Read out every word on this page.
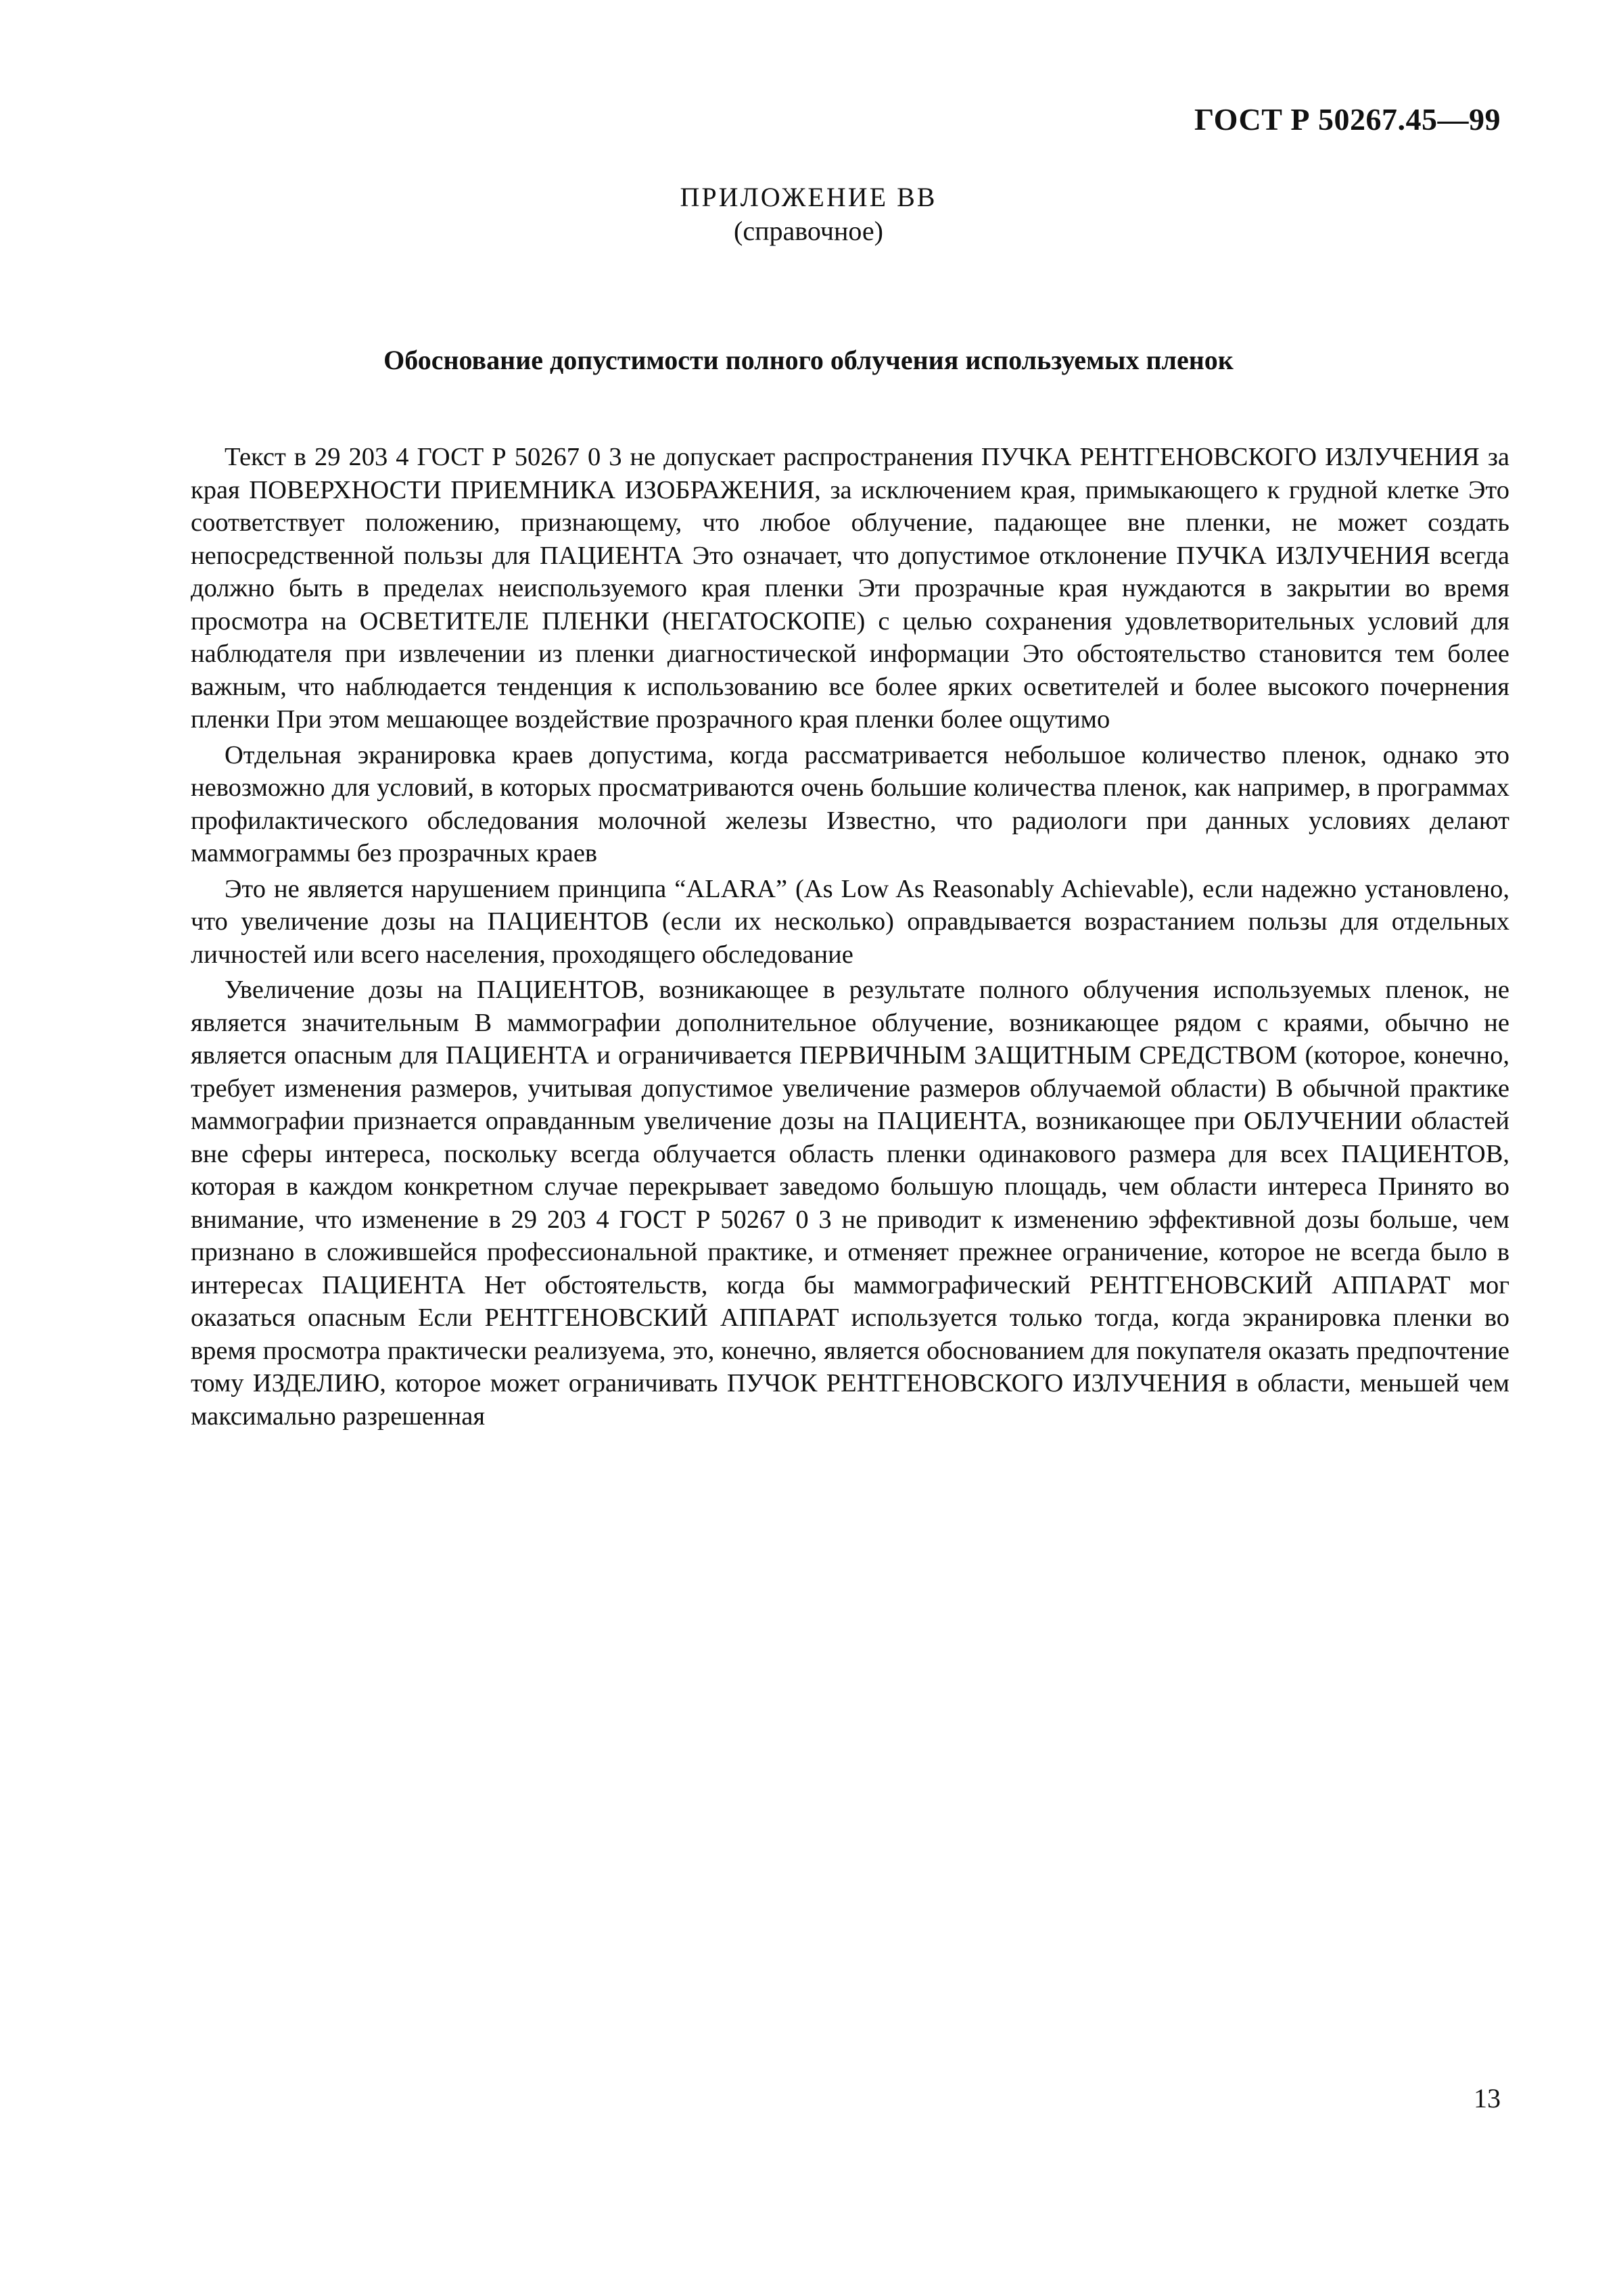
ГОСТ Р 50267.45—99
ПРИЛОЖЕНИЕ ВВ
(справочное)
Обоснование допустимости полного облучения используемых пленок

Текст в 29 203 4 ГОСТ Р 50267 0 3 не допускает распространения ПУЧКА РЕНТГЕНОВСКОГО ИЗЛУЧЕНИЯ за края ПОВЕРХНОСТИ ПРИЕМНИКА ИЗОБРАЖЕНИЯ, за исключением края, примыкающего к грудной клетке Это соответствует положению, признающему, что любое облучение, падающее вне пленки, не может создать непосредственной пользы для ПАЦИЕНТА Это означает, что допустимое отклонение ПУЧКА ИЗЛУЧЕНИЯ всегда должно быть в пределах неиспользуемого края пленки Эти прозрачные края нуждаются в закрытии во время просмотра на ОСВЕТИТЕЛЕ ПЛЕНКИ (НЕГАТОСКОПЕ) с целью сохранения удовлетворительных условий для наблюдателя при извлечении из пленки диагностической информации Это обстоятельство становится тем более важным, что наблюдается тенденция к использованию все более ярких осветителей и более высокого почернения пленки При этом мешающее воздействие прозрачного края пленки более ощутимо

Отдельная экранировка краев допустима, когда рассматривается небольшое количество пленок, однако это невозможно для условий, в которых просматриваются очень большие количества пленок, как например, в программах профилактического обследования молочной железы Известно, что радиологи при данных условиях делают маммограммы без прозрачных краев

Это не является нарушением принципа “ALARA” (As Low As Reasonably Achievable), если надежно установлено, что увеличение дозы на ПАЦИЕНТОВ (если их несколько) оправдывается возрастанием пользы для отдельных личностей или всего населения, проходящего обследование

Увеличение дозы на ПАЦИЕНТОВ, возникающее в результате полного облучения используемых пленок, не является значительным В маммографии дополнительное облучение, возникающее рядом с краями, обычно не является опасным для ПАЦИЕНТА и ограничивается ПЕРВИЧНЫМ ЗАЩИТНЫМ СРЕДСТВОМ (которое, конечно, требует изменения размеров, учитывая допустимое увеличение размеров облучаемой области) В обычной практике маммографии признается оправданным увеличение дозы на ПАЦИЕНТА, возникающее при ОБЛУЧЕНИИ областей вне сферы интереса, поскольку всегда облучается область пленки одинакового размера для всех ПАЦИЕНТОВ, которая в каждом конкретном случае перекрывает заведомо большую площадь, чем области интереса Принято во внимание, что изменение в 29 203 4 ГОСТ Р 50267 0 3 не приводит к изменению эффективной дозы больше, чем признано в сложившейся профессиональной практике, и отменяет прежнее ограничение, которое не всегда было в интересах ПАЦИЕНТА Нет обстоятельств, когда бы маммографический РЕНТГЕНОВСКИЙ АППАРАТ мог оказаться опасным Если РЕНТГЕНОВСКИЙ АППАРАТ используется только тогда, когда экранировка пленки во время просмотра практически реализуема, это, конечно, является обоснованием для покупателя оказать предпочтение тому ИЗДЕЛИЮ, которое может ограничивать ПУЧОК РЕНТГЕНОВСКОГО ИЗЛУЧЕНИЯ в области, меньшей чем максимально разрешенная

13
